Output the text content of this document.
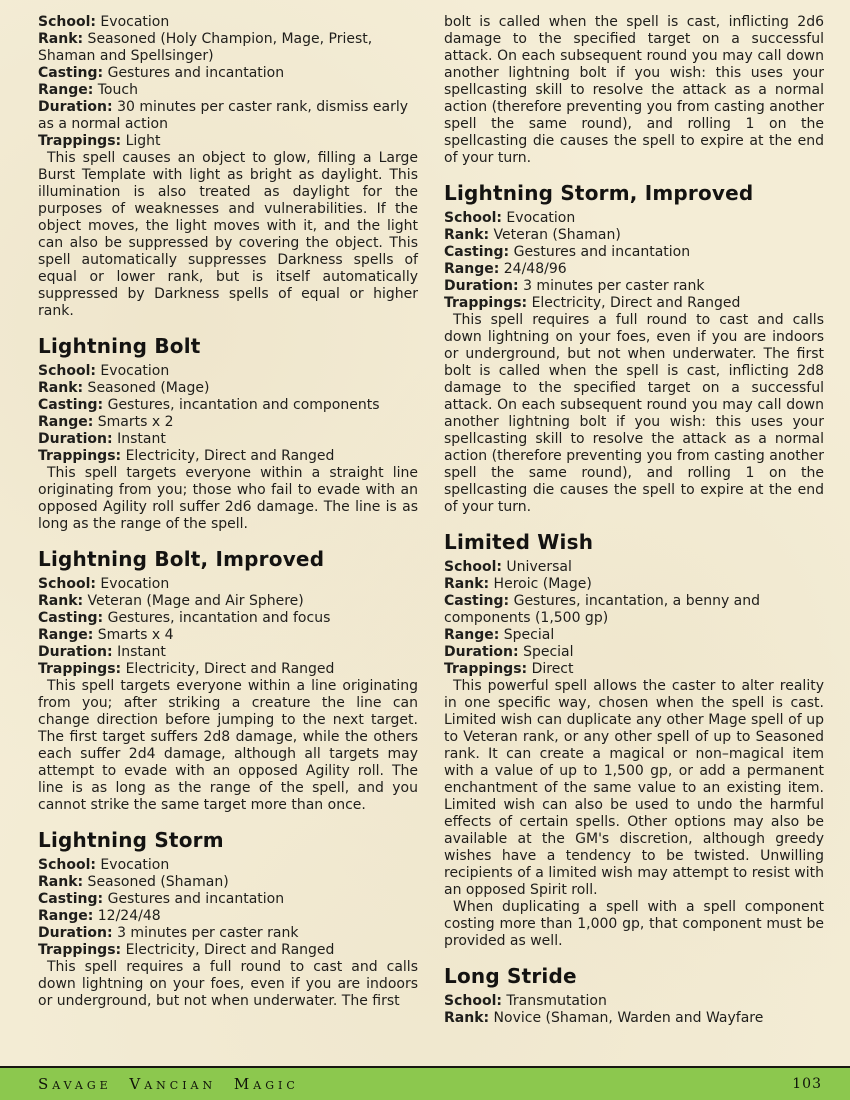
School: Evocation
Rank: Seasoned (Holy Champion, Mage, Priest, Shaman and Spellsinger)
Casting: Gestures and incantation
Range: Touch
Duration: 30 minutes per caster rank, dismiss early as a normal action
Trappings: Light

This spell causes an object to glow, filling a Large Burst Template with light as bright as daylight. This illumination is also treated as daylight for the purposes of weaknesses and vulnerabilities. If the object moves, the light moves with it, and the light can also be suppressed by covering the object. This spell automatically suppresses Darkness spells of equal or lower rank, but is itself automatically suppressed by Darkness spells of equal or higher rank.

Lightning Bolt
School: Evocation
Rank: Seasoned (Mage)
Casting: Gestures, incantation and components
Range: Smarts x 2
Duration: Instant
Trappings: Electricity, Direct and Ranged

This spell targets everyone within a straight line originating from you; those who fail to evade with an opposed Agility roll suffer 2d6 damage. The line is as long as the range of the spell.

Lightning Bolt, Improved
School: Evocation
Rank: Veteran (Mage and Air Sphere)
Casting: Gestures, incantation and focus
Range: Smarts x 4
Duration: Instant
Trappings: Electricity, Direct and Ranged

This spell targets everyone within a line originating from you; after striking a creature the line can change direction before jumping to the next target. The first target suffers 2d8 damage, while the others each suffer 2d4 damage, although all targets may attempt to evade with an opposed Agility roll. The line is as long as the range of the spell, and you cannot strike the same target more than once.

Lightning Storm
School: Evocation
Rank: Seasoned (Shaman)
Casting: Gestures and incantation
Range: 12/24/48
Duration: 3 minutes per caster rank
Trappings: Electricity, Direct and Ranged

This spell requires a full round to cast and calls down lightning on your foes, even if you are indoors or underground, but not when underwater. The first

bolt is called when the spell is cast, inflicting 2d6 damage to the specified target on a successful attack. On each subsequent round you may call down another lightning bolt if you wish: this uses your spellcasting skill to resolve the attack as a normal action (therefore preventing you from casting another spell the same round), and rolling 1 on the spellcasting die causes the spell to expire at the end of your turn.

Lightning Storm, Improved
School: Evocation
Rank: Veteran (Shaman)
Casting: Gestures and incantation
Range: 24/48/96
Duration: 3 minutes per caster rank
Trappings: Electricity, Direct and Ranged

This spell requires a full round to cast and calls down lightning on your foes, even if you are indoors or underground, but not when underwater. The first bolt is called when the spell is cast, inflicting 2d8 damage to the specified target on a successful attack. On each subsequent round you may call down another lightning bolt if you wish: this uses your spellcasting skill to resolve the attack as a normal action (therefore preventing you from casting another spell the same round), and rolling 1 on the spellcasting die causes the spell to expire at the end of your turn.

Limited Wish
School: Universal
Rank: Heroic (Mage)
Casting: Gestures, incantation, a benny and components (1,500 gp)
Range: Special
Duration: Special
Trappings: Direct

This powerful spell allows the caster to alter reality in one specific way, chosen when the spell is cast. Limited wish can duplicate any other Mage spell of up to Veteran rank, or any other spell of up to Seasoned rank. It can create a magical or non–magical item with a value of up to 1,500 gp, or add a permanent enchantment of the same value to an existing item. Limited wish can also be used to undo the harmful effects of certain spells. Other options may also be available at the GM's discretion, although greedy wishes have a tendency to be twisted. Unwilling recipients of a limited wish may attempt to resist with an opposed Spirit roll.

When duplicating a spell with a spell component costing more than 1,000 gp, that component must be provided as well.

Long Stride
School: Transmutation
Rank: Novice (Shaman, Warden and Wayfare
Savage Vancian Magic	103
